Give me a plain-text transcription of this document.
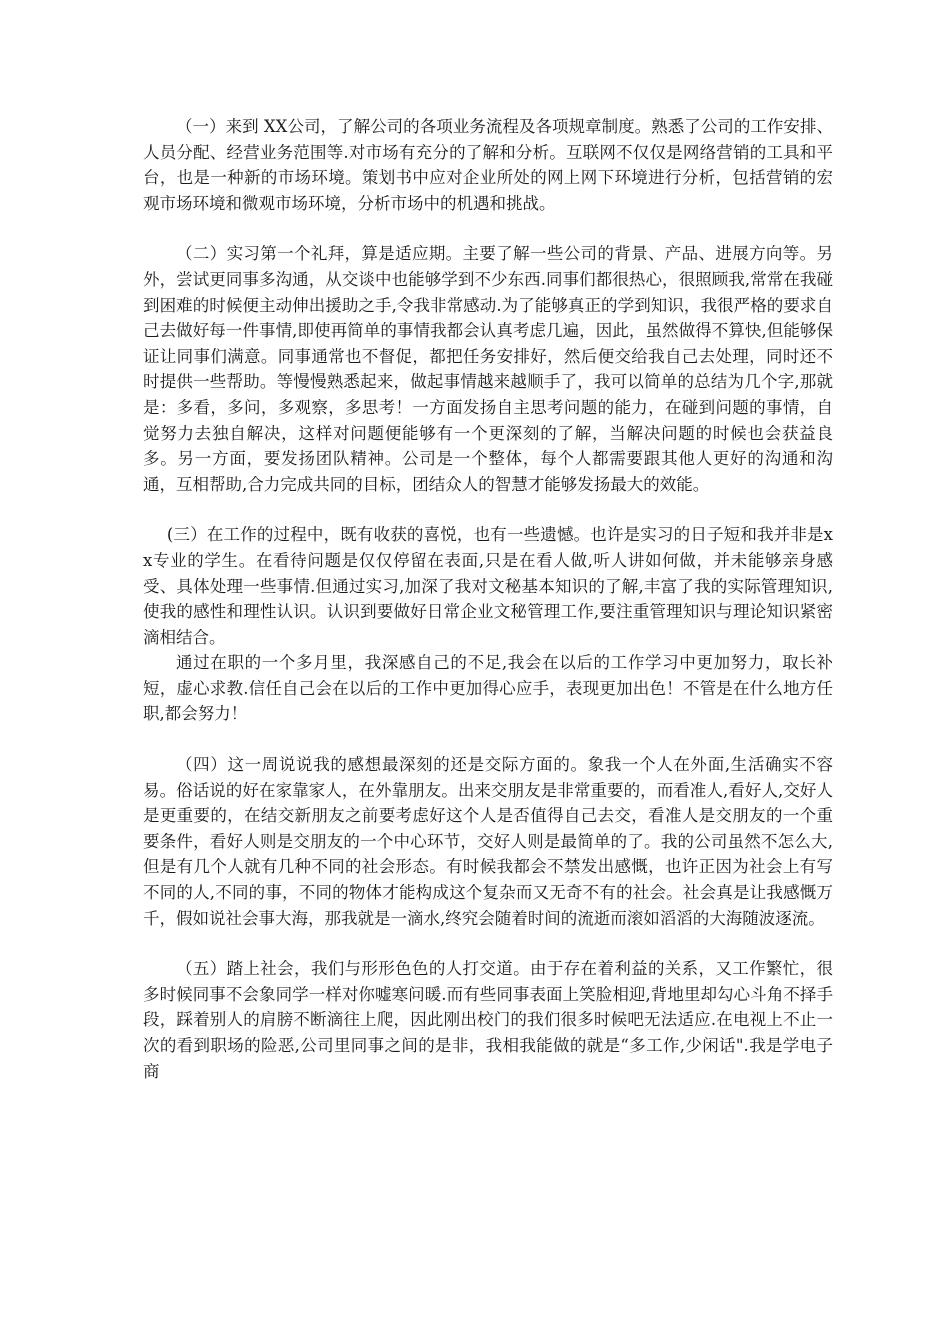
（一）来到 XX公司，了解公司的各项业务流程及各项规章制度。熟悉了公司的工作安排、人员分配、经营业务范围等.对市场有充分的了解和分析。互联网不仅仅是网络营销的工具和平台，也是一种新的市场环境。策划书中应对企业所处的网上网下环境进行分析，包括营销的宏观市场环境和微观市场环境，分析市场中的机遇和挑战。

（二）实习第一个礼拜，算是适应期。主要了解一些公司的背景、产品、进展方向等。另外，尝试更同事多沟通，从交谈中也能够学到不少东西.同事们都很热心，很照顾我,常常在我碰到困难的时候便主动伸出援助之手,令我非常感动.为了能够真正的学到知识，我很严格的要求自己去做好每一件事情,即使再简单的事情我都会认真考虑几遍，因此，虽然做得不算快,但能够保证让同事们满意。同事通常也不督促，都把任务安排好，然后便交给我自己去处理，同时还不时提供一些帮助。等慢慢熟悉起来，做起事情越来越顺手了，我可以简单的总结为几个字,那就是：多看，多问，多观察，多思考！一方面发扬自主思考问题的能力，在碰到问题的事情，自觉努力去独自解决，这样对问题便能够有一个更深刻的了解，当解决问题的时候也会获益良多。另一方面，要发扬团队精神。公司是一个整体，每个人都需要跟其他人更好的沟通和沟通，互相帮助,合力完成共同的目标，团结众人的智慧才能够发扬最大的效能。

(三）在工作的过程中，既有收获的喜悦，也有一些遗憾。也许是实习的日子短和我并非是xx专业的学生。在看待问题是仅仅停留在表面,只是在看人做,听人讲如何做，并未能够亲身感受、具体处理一些事情.但通过实习,加深了我对文秘基本知识的了解,丰富了我的实际管理知识,使我的感性和理性认识。认识到要做好日常企业文秘管理工作,要注重管理知识与理论知识紧密滴相结合。

通过在职的一个多月里，我深感自己的不足,我会在以后的工作学习中更加努力，取长补短，虚心求教.信任自己会在以后的工作中更加得心应手，表现更加出色！不管是在什么地方任职,都会努力！

（四）这一周说说我的感想最深刻的还是交际方面的。象我一个人在外面,生活确实不容易。俗话说的好在家靠家人，在外靠朋友。出来交朋友是非常重要的，而看准人,看好人,交好人是更重要的，在结交新朋友之前要考虑好这个人是否值得自己去交，看准人是交朋友的一个重要条件，看好人则是交朋友的一个中心环节，交好人则是最简单的了。我的公司虽然不怎么大,但是有几个人就有几种不同的社会形态。有时候我都会不禁发出感慨，也许正因为社会上有写不同的人,不同的事，不同的物体才能构成这个复杂而又无奇不有的社会。社会真是让我感慨万千，假如说社会事大海，那我就是一滴水,终究会随着时间的流逝而滚如滔滔的大海随波逐流。

（五）踏上社会，我们与形形色色的人打交道。由于存在着利益的关系，又工作繁忙，很多时候同事不会象同学一样对你嘘寒问暖.而有些同事表面上笑脸相迎,背地里却勾心斗角不择手段，踩着别人的肩膀不断滴往上爬，因此刚出校门的我们很多时候吧无法适应.在电视上不止一次的看到职场的险恶,公司里同事之间的是非，我相我能做的就是“多工作,少闲话".我是学电子商
